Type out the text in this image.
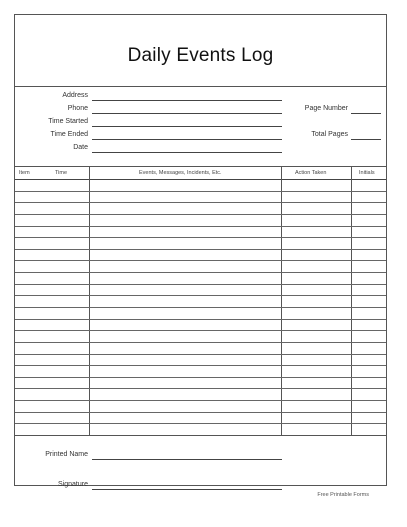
Daily Events Log
Address
Phone
Time Started
Time Ended
Date
Page Number
Total Pages
Item	Time	Events, Messages, Incidents, Etc.	Action Taken	Initials
Printed Name
Signature
Free Printable Forms
